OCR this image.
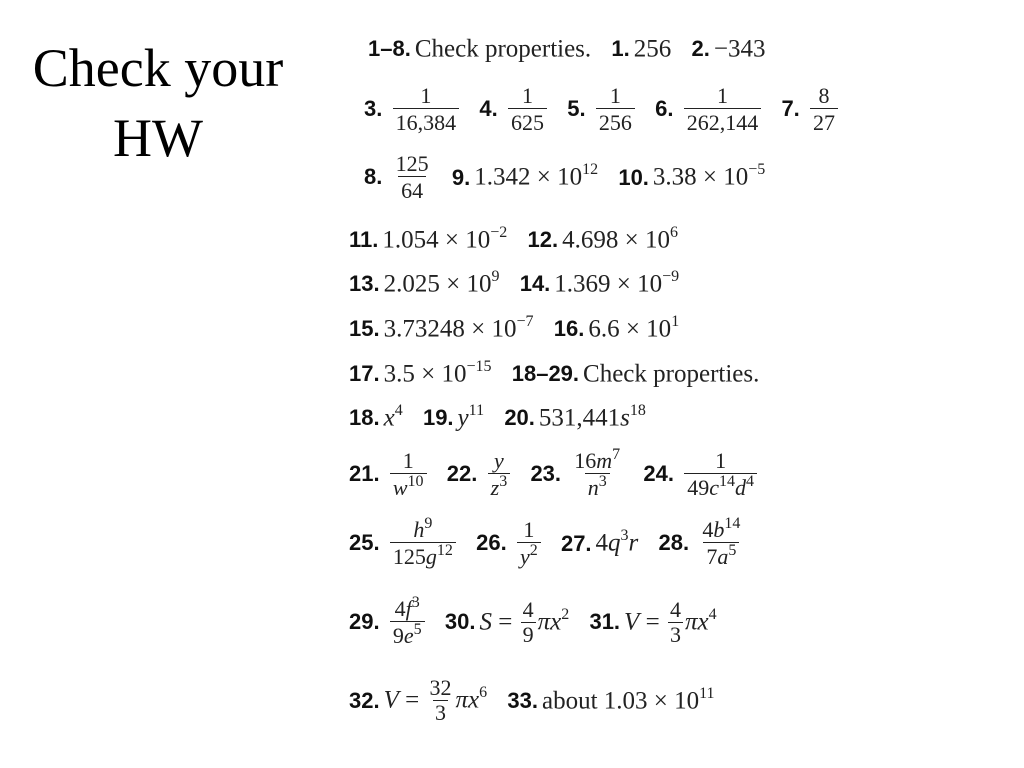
Check your
HW
1–8. Check properties. 1. 256 2. −343
3. $\frac{1}{16,384} 4$. $\frac{1}{625} 5$. $\frac{1}{256} 6$. $\frac{1}{262,144} 7$. $\frac{8}{27}$
8. $\frac{125}{64} 9$. $1.342 \times 10^{12}$ 10. $3.38 \times 10^{-5}$
11. $1.054 \times 10^{-2}$ 12. $4.698 \times 10^6$
13. $2.025 \times 10^9$ 14. $1.369 \times 10^{-9}$
15. $3.73248 \times 10^{-7}$ 16. $6.6 \times 10^1$
17. $3.5 \times 10^{-15}$ 18–29. Check properties.
18. $x^4$ 19. $y^{11}$ 20. $531,441s^{18}$
21. $\frac{1}{w^{10}} 22$. $\frac{y}{z^3} 23$. $\frac{16m^7}{n^3} 24$. $\frac{1}{49c^{14}d^4}$
25. $\frac{h^9}{125g^{12}} 26$. $\frac{1}{y^2} 27$. $4q^3r$ 28. $\frac{4b^{14}}{7a^5}$
29. $\frac{4f^3}{9e^5} 30$. $S = \frac{4}{9} \pi x^2$ 31. $V = \frac{4}{3} \pi x^4$
32. $V = \frac{32}{3} \pi x^6$ 33. about $1.03 \times 10^{11}$
